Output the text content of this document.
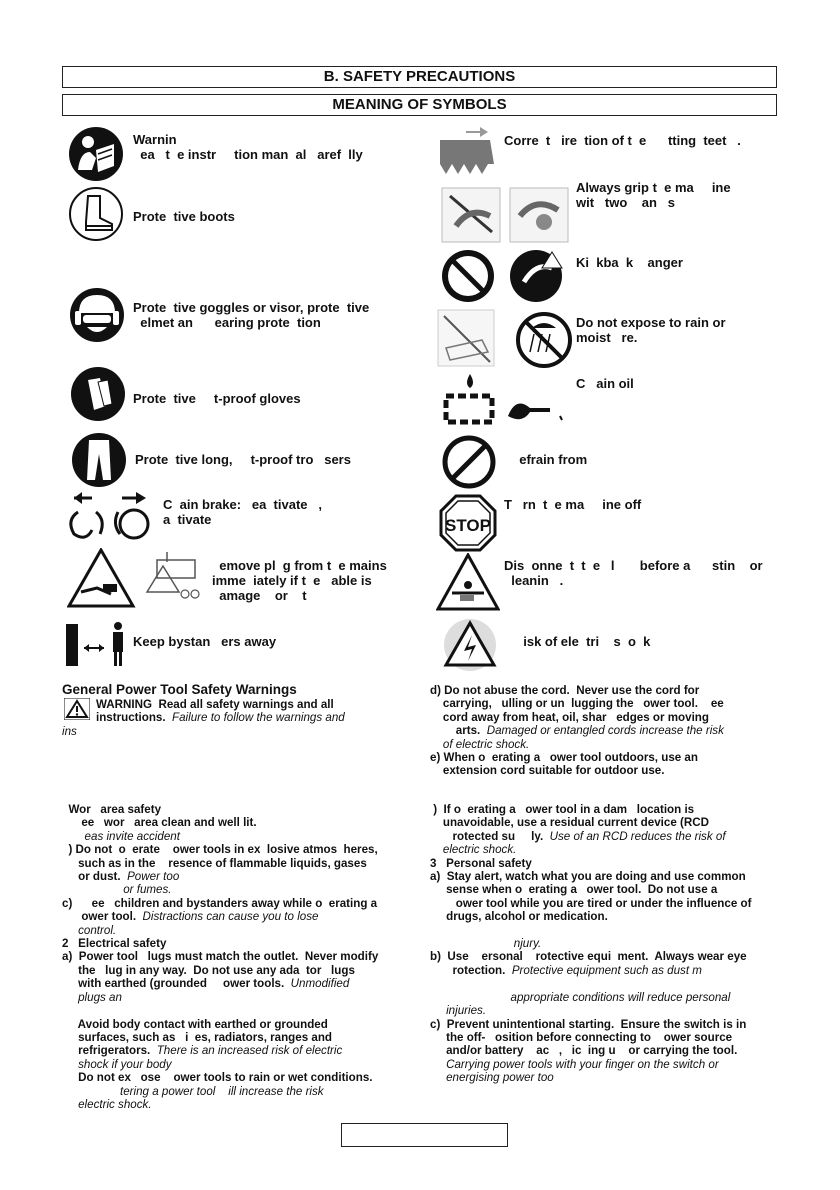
B. SAFETY PRECAUTIONS
MEANING OF SYMBOLS
Warnin
ea   t  e instr     tion man  al   aref  lly
Prote  tive boots
Prote  tive goggles or visor, prote  tive
elmet an      earing prote  tion
Prote  tive     t-proof gloves
Prote  tive long,     t-proof tro   sers
C  ain brake:   ea  tivate   ,
a  tivate
emove pl  g from t  e mains
imme  iately if t  e   able is
amage    or    t
Keep bystan   ers away
Corre  t   ire  tion of t  e      tting  teet   .
Always grip t  e ma     ine
wit   two    an   s
Ki  kba  k    anger
Do not expose to rain or
moist   re.
C   ain oil
efrain from
STOP
T   rn  t  e ma     ine off
Dis  onne  t  t  e   l       before a      stin    or
leanin   .
isk of ele  tri    s  o  k
General Power Tool Safety Warnings
WARNING  Read all safety warnings and all
instructions. Failure to follow the warnings and
ins
d) Do not abuse the cord.  Never use the cord for
carrying,   ulling or un  lugging the   ower tool.    ee
cord away from heat, oil, shar   edges or moving
arts.  Damaged or entangled cords increase the risk
of electric shock.
e) When o  erating a   ower tool outdoors, use an
extension cord suitable for outdoor use.
Wor   area safety
ee   wor   area clean and well lit.
eas invite accident
) Do not  o  erate    ower tools in ex  losive atmos  heres,
such as in the    resence of flammable liquids, gases
or dust.  Power too
or fumes.
c)      ee   children and bystanders away while o  erating a
ower tool.  Distractions can cause you to lose
control.
2   Electrical safety
a)  Power tool   lugs must match the outlet.  Never modify
the   lug in any way.  Do not use any ada  tor   lugs
with earthed (grounded     ower tools.  Unmodified
plugs an

Avoid body contact with earthed or grounded
surfaces, such as   i  es, radiators, ranges and
refrigerators.  There is an increased risk of electric
shock if your body
Do not ex   ose    ower tools to rain or wet conditions.
tering a power tool    ill increase the risk
electric shock.
)  If o  erating a   ower tool in a dam   location is
unavoidable, use a residual current device (RCD
rotected su     ly.  Use of an RCD reduces the risk of
electric shock.
3   Personal safety
a)  Stay alert, watch what you are doing and use common
sense when o  erating a   ower tool.  Do not use a
ower tool while you are tired or under the influence of
drugs, alcohol or medication.

njury.
b)  Use    ersonal    rotective equi  ment.  Always wear eye
rotection.  Protective equipment such as dust m

appropriate conditions will reduce personal
injuries.
c)  Prevent unintentional starting.  Ensure the switch is in
the off-   osition before connecting to    ower source
and/or battery    ac   ,   ic  ing u    or carrying the tool.
Carrying power tools with your finger on the switch or
energising power too
